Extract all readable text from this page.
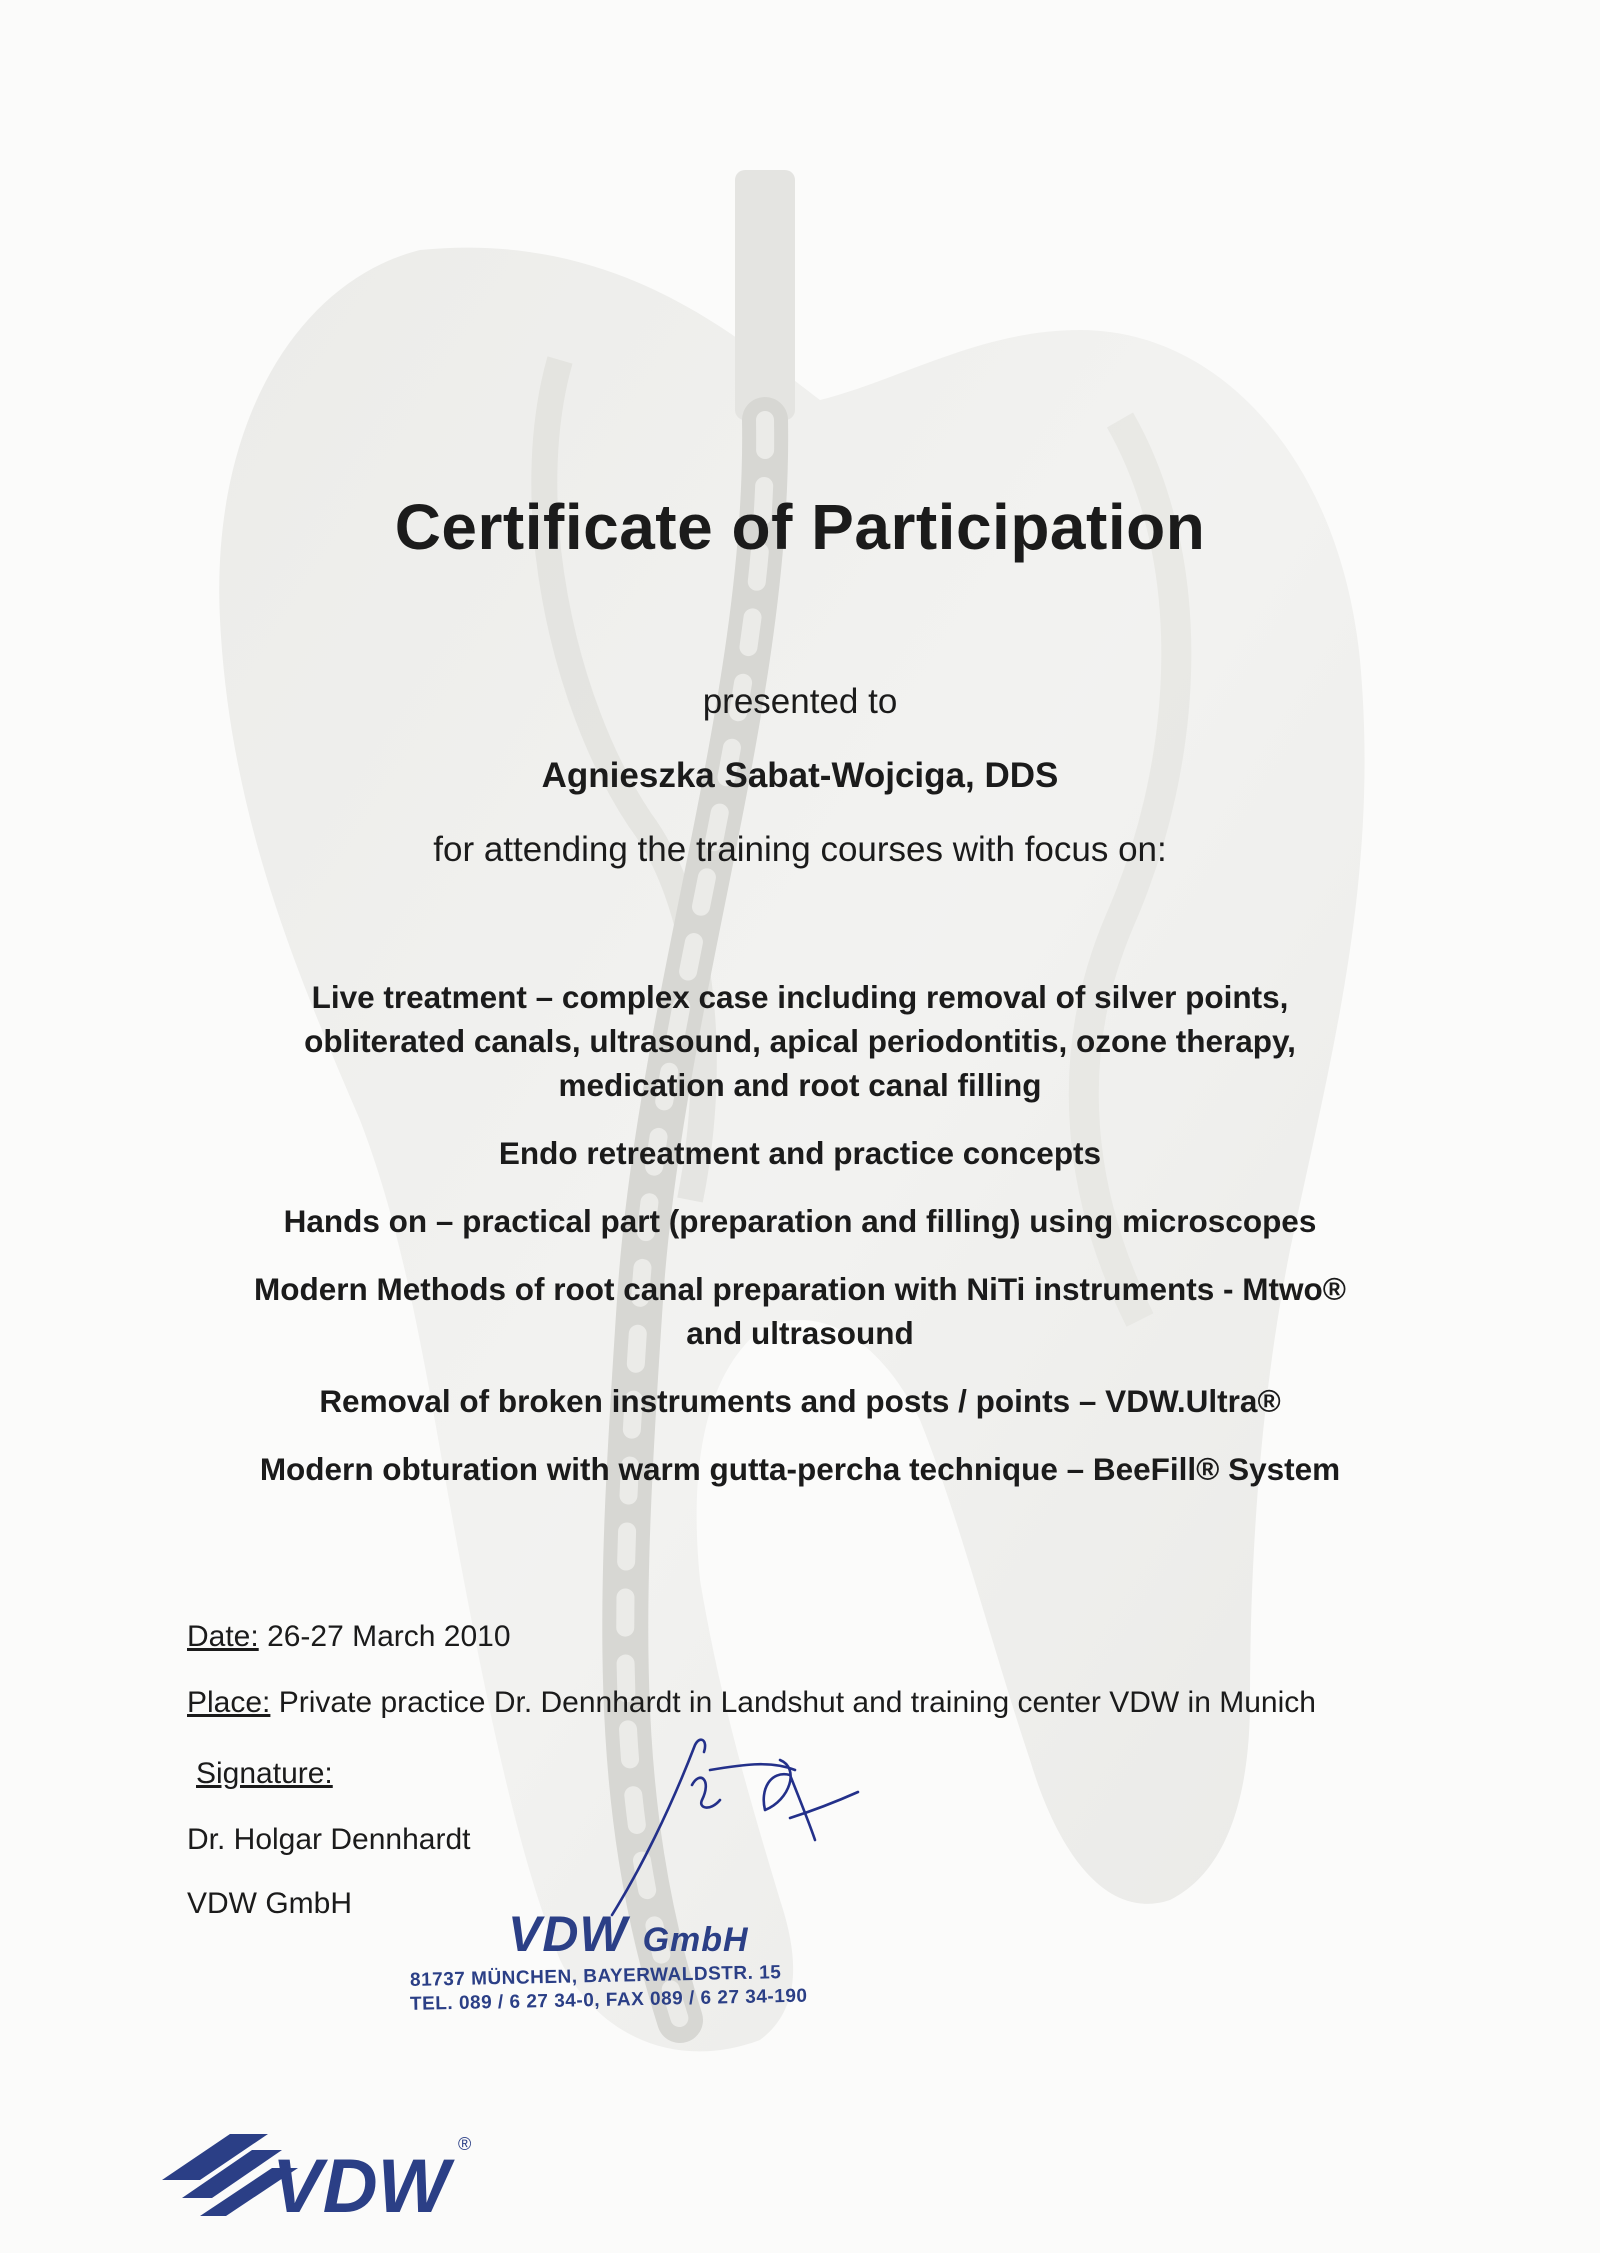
Certificate of Participation
presented to
Agnieszka Sabat-Wojciga, DDS
for attending the training courses with focus on:
Live treatment – complex case including removal of silver points,
obliterated canals, ultrasound, apical periodontitis, ozone therapy,
medication and root canal filling
Endo retreatment and practice concepts
Hands on – practical part (preparation and filling) using microscopes
Modern Methods of root canal preparation with NiTi instruments - Mtwo®
and ultrasound
Removal of broken instruments and posts / points – VDW.Ultra®
Modern obturation with warm gutta-percha technique – BeeFill® System
Date: 26-27 March 2010
Place: Private practice Dr. Dennhardt in Landshut and training center VDW in Munich
Signature:
Dr. Holgar Dennhardt
VDW GmbH
VDW GmbH
81737 MÜNCHEN, BAYERWALDSTR. 15
TEL. 089 / 6 27 34-0, FAX 089 / 6 27 34-190
VDW ®
